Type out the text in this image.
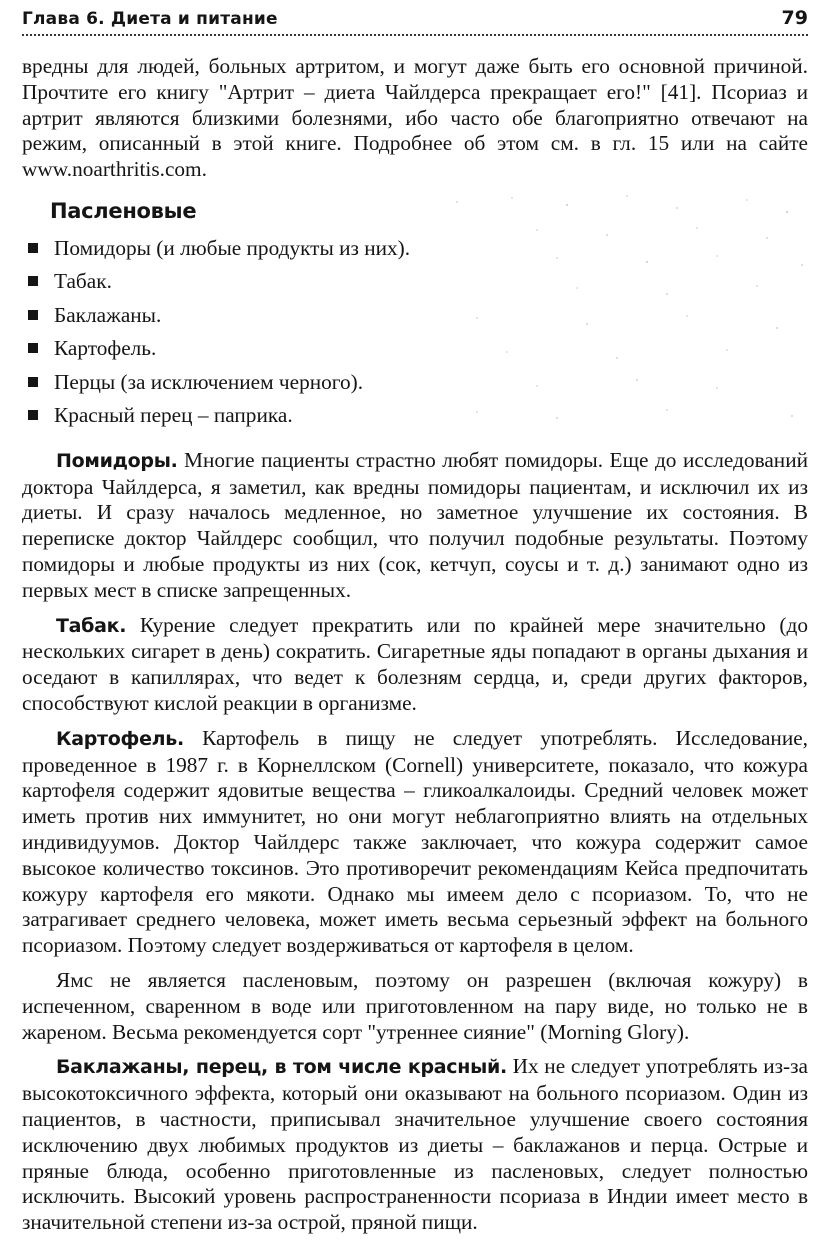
Глава 6. Диета и питание	79

вредны для людей, больных артритом, и могут даже быть его основной причиной. Прочтите его книгу "Артрит – диета Чайлдерса прекращает его!" [41]. Псориаз и артрит являются близкими болезнями, ибо часто обе благоприятно отвечают на режим, описанный в этой книге. Подробнее об этом см. в гл. 15 или на сайте www.noarthritis.com.

Пасленовые
Помидоры (и любые продукты из них).
Табак.
Баклажаны.
Картофель.
Перцы (за исключением черного).
Красный перец – паприка.

Помидоры. Многие пациенты страстно любят помидоры. Еще до исследований доктора Чайлдерса, я заметил, как вредны помидоры пациентам, и исключил их из диеты. И сразу началось медленное, но заметное улучшение их состояния. В переписке доктор Чайлдерс сообщил, что получил подобные результаты. Поэтому помидоры и любые продукты из них (сок, кетчуп, соусы и т. д.) занимают одно из первых мест в списке запрещенных.

Табак. Курение следует прекратить или по крайней мере значительно (до нескольких сигарет в день) сократить. Сигаретные яды попадают в органы дыхания и оседают в капиллярах, что ведет к болезням сердца, и, среди других факторов, способствуют кислой реакции в организме.

Картофель. Картофель в пищу не следует употреблять. Исследование, проведенное в 1987 г. в Корнеллском (Cornell) университете, показало, что кожура картофеля содержит ядовитые вещества – гликоалкалоиды. Средний человек может иметь против них иммунитет, но они могут неблагоприятно влиять на отдельных индивидуумов. Доктор Чайлдерс также заключает, что кожура содержит самое высокое количество токсинов. Это противоречит рекомендациям Кейса предпочитать кожуру картофеля его мякоти. Однако мы имеем дело с псориазом. То, что не затрагивает среднего человека, может иметь весьма серьезный эффект на больного псориазом. Поэтому следует воздерживаться от картофеля в целом.

Ямс не является пасленовым, поэтому он разрешен (включая кожуру) в испеченном, сваренном в воде или приготовленном на пару виде, но только не в жареном. Весьма рекомендуется сорт "утреннее сияние" (Morning Glory).

Баклажаны, перец, в том числе красный. Их не следует употреблять из-за высокотоксичного эффекта, который они оказывают на больного псориазом. Один из пациентов, в частности, приписывал значительное улучшение своего состояния исключению двух любимых продуктов из диеты – баклажанов и перца. Острые и пряные блюда, особенно приготовленные из пасленовых, следует полностью исключить. Высокий уровень распространенности псориаза в Индии имеет место в значительной степени из-за острой, пряной пищи.
